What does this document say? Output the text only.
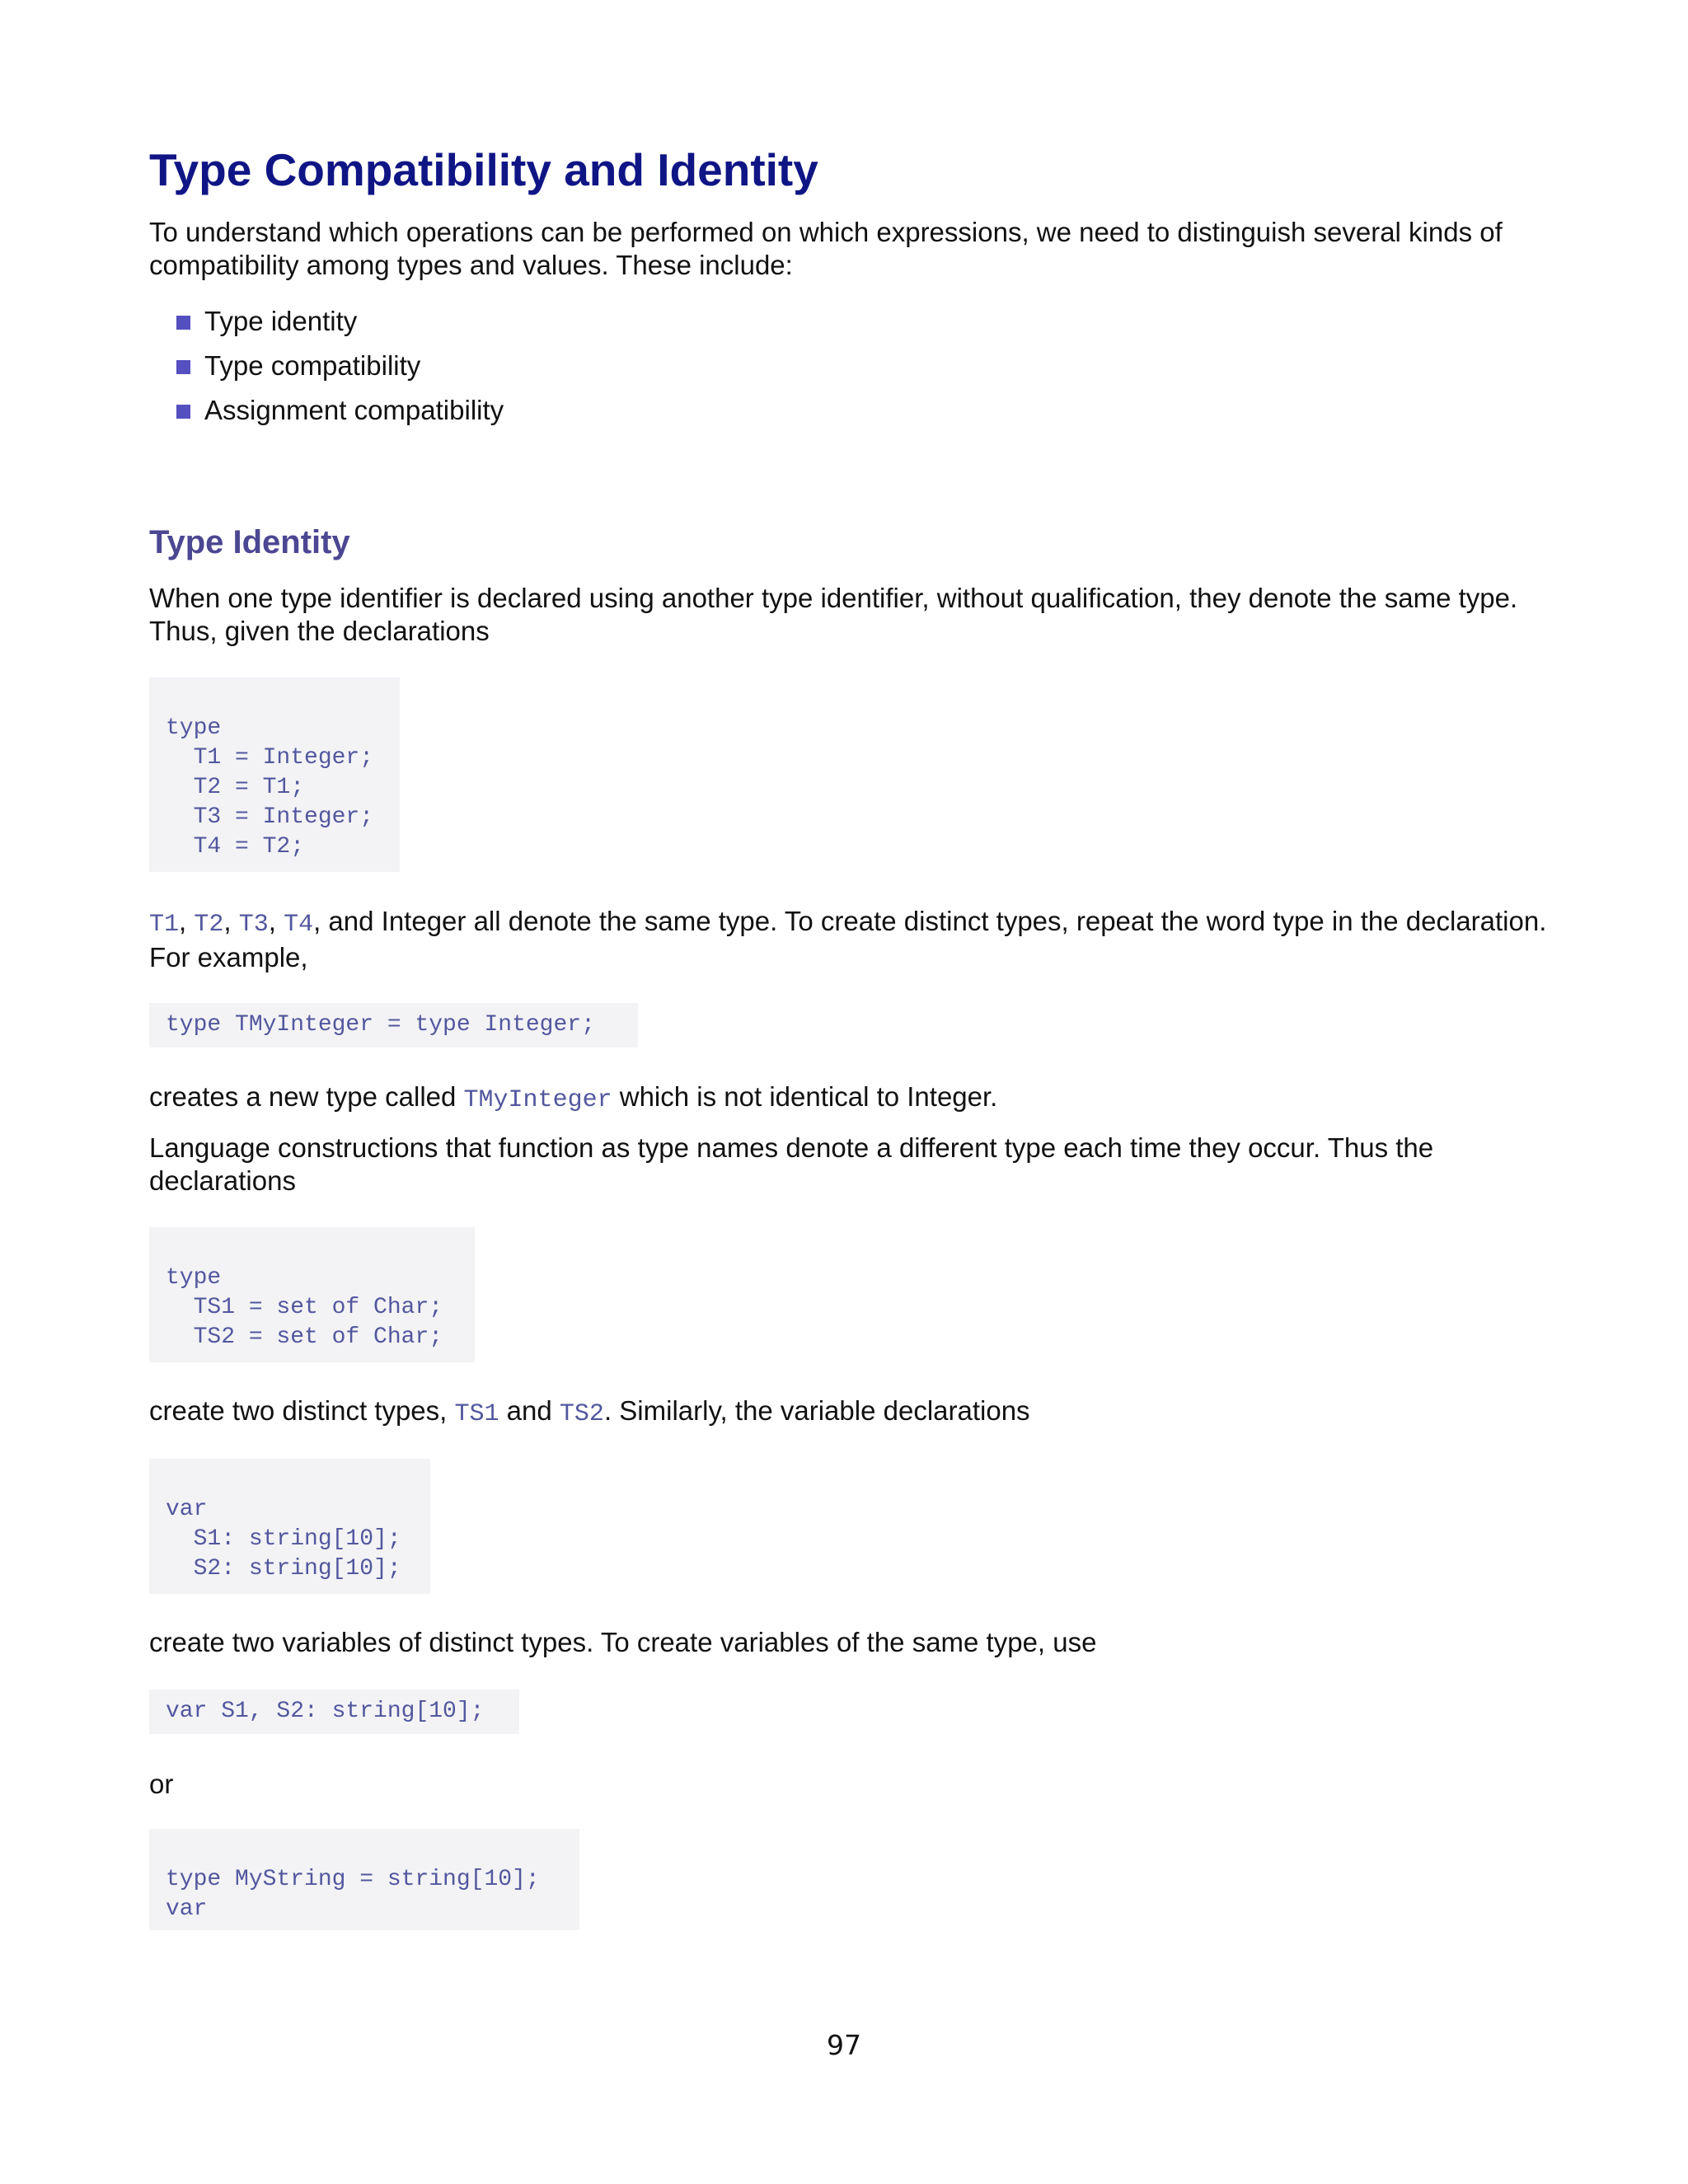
Type Compatibility and Identity

To understand which operations can be performed on which expressions, we need to distinguish several kinds of compatibility among types and values. These include:

Type identity
Type compatibility
Assignment compatibility
Type Identity

When one type identifier is declared using another type identifier, without qualification, they denote the same type. Thus, given the declarations

type
T1 = Integer;
T2 = T1;
T3 = Integer;
T4 = T2;

T1, T2, T3, T4, and Integer all denote the same type. To create distinct types, repeat the word type in the declaration. For example,

type TMyInteger = type Integer;

creates a new type called TMyInteger which is not identical to Integer.

Language constructions that function as type names denote a different type each time they occur. Thus the declarations

type
TS1 = set of Char;
TS2 = set of Char;

create two distinct types, TS1 and TS2. Similarly, the variable declarations

var
S1: string[10];
S2: string[10];

create two variables of distinct types. To create variables of the same type, use

var S1, S2: string[10];

or

type MyString = string[10];
var
97
